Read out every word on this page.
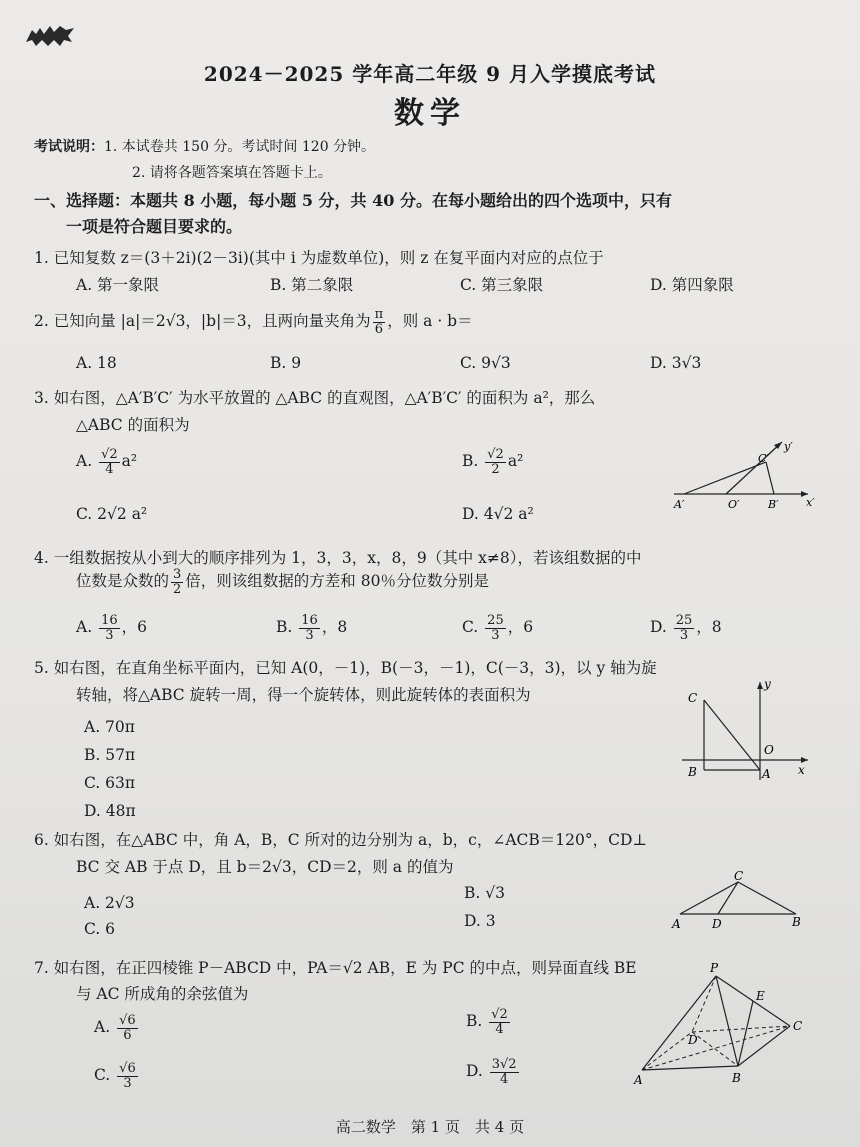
2024－2025 学年高二年级 9 月入学摸底考试
数学
考试说明：1. 本试卷共 150 分。考试时间 120 分钟。
2. 请将各题答案填在答题卡上。
一、选择题：本题共 8 小题，每小题 5 分，共 40 分。在每小题给出的四个选项中，只有
一项是符合题目要求的。
1. 已知复数 z＝(3＋2i)(2－3i)(其中 i 为虚数单位)，则 z 在复平面内对应的点位于
A. 第一象限	B. 第二象限	C. 第三象限	D. 第四象限
2. 已知向量 |a|＝2√3，|b|＝3，且两向量夹角为 $\frac{\pi}{6}$ ，则 a · b＝
A. 18	B. 9	C. 9√3	D. 3√3
3. 如右图，△A′B′C′ 为水平放置的 △ABC 的直观图，△A′B′C′ 的面积为 a²，那么
△ABC 的面积为
A. $\frac{√2}{4} a^2$	B. $\frac{√2}{2} a^2$
C. 2√2 a²	D. 4√2 a²
C′
y′
A′	O′	B′ x′
4. 一组数据按从小到大的顺序排列为 1，3，3，x，8，9（其中 x≠8），若该组数据的中
位数是众数的 $\frac{3}{2}$ 倍，则该组数据的方差和 80％分位数分别是
A. $\frac{16}{3}$ ，6	B. $\frac{16}{3}$ ，8	C. $\frac{25}{3}$ ，6	D. $\frac{25}{3}$ ，8
5. 如右图，在直角坐标平面内，已知 A(0，－1)，B(－3，－1)，C(－3，3)，以 y 轴为旋
转轴，将△ABC 旋转一周，得一个旋转体，则此旋转体的表面积为
A. 70π
B. 57π
C. 63π
D. 48π
C
y
O
B	A x
6. 如右图，在△ABC 中，角 A，B，C 所对的边分别为 a，b，c，∠ACB＝120°，CD⊥
BC 交 AB 于点 D，且 b＝2√3，CD＝2，则 a 的值为
A. 2√3
B. √3
C. 6	D. 3
C
A	D	B
7. 如右图，在正四棱锥 P－ABCD 中，PA＝√2 AB，E 为 PC 的中点，则异面直线 BE
与 AC 所成角的余弦值为
A. $\frac{√6}{6}$	B. $\frac{√2}{4}$
C. $\frac{√6}{3}$	D. $\frac{3√2}{4}$
P
E
D
C
A	B
高二数学　第 1 页　共 4 页
